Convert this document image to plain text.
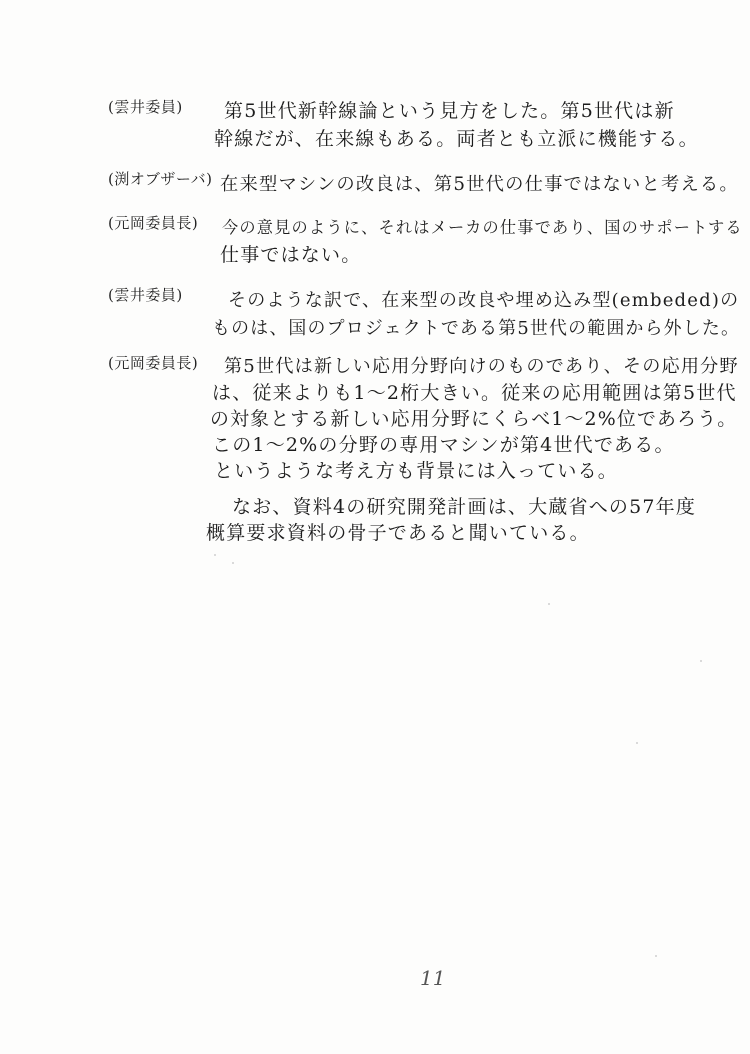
(雲井委員) 第5世代新幹線論という見方をした。第5世代は新
幹線だが、在来線もある。両者とも立派に機能する。
(渕オブザーバ) 在来型マシンの改良は、第5世代の仕事ではないと考える。
(元岡委員長) 今の意見のように、それはメーカの仕事であり、国のサポートする
仕事ではない。
(雲井委員)	そのような訳で、在来型の改良や埋め込み型(embeded)の
ものは、国のプロジェクトである第5世代の範囲から外した。
(元岡委員長) 第5世代は新しい応用分野向けのものであり、その応用分野
は、従来よりも1〜2桁大きい。従来の応用範囲は第5世代
の対象とする新しい応用分野にくらべ1〜2%位であろう。
この1〜2%の分野の専用マシンが第4世代である。
というような考え方も背景には入っている。
なお、資料4の研究開発計画は、大蔵省への57年度
概算要求資料の骨子であると聞いている。
11
